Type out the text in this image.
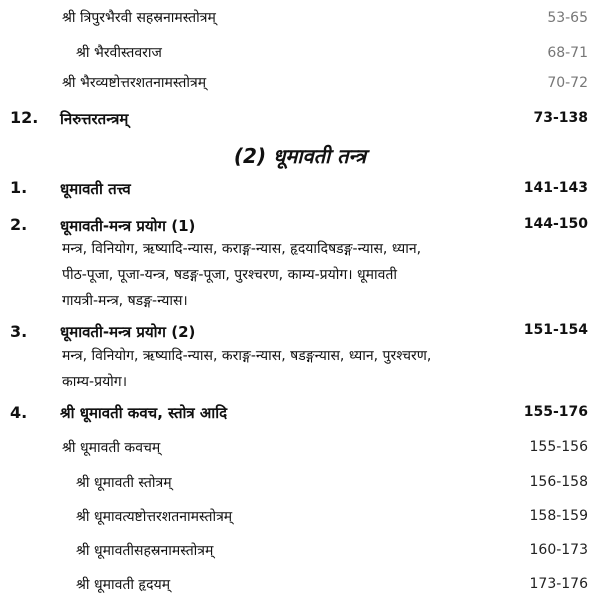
श्री त्रिपुरभैरवी सहस्रनामस्तोत्रम्	53-65
श्री भैरवीस्तवराज	68-71
श्री भैरव्यष्टोत्तरशतनामस्तोत्रम्	70-72
12. निरुत्तरतन्त्रम्	73-138
(2) धूमावती तन्त्र
1. धूमावती तत्त्व	141-143
2. धूमावती-मन्त्र प्रयोग (1)	144-150
मन्त्र, विनियोग, ऋष्यादि-न्यास, कराङ्ग-न्यास, हृदयादिषडङ्ग-न्यास, ध्यान,
पीठ-पूजा, पूजा-यन्त्र, षडङ्ग-पूजा, पुरश्चरण, काम्य-प्रयोग। धूमावती
गायत्री-मन्त्र, षडङ्ग-न्यास।
3. धूमावती-मन्त्र प्रयोग (2)	151-154
मन्त्र, विनियोग, ऋष्यादि-न्यास, कराङ्ग-न्यास, षडङ्गन्यास, ध्यान, पुरश्चरण,
काम्य-प्रयोग।
4. श्री धूमावती कवच, स्तोत्र आदि	155-176
श्री धूमावती कवचम्	155-156
श्री धूमावती स्तोत्रम्	156-158
श्री धूमावत्यष्टोत्तरशतनामस्तोत्रम्	158-159
श्री धूमावतीसहस्रनामस्तोत्रम्	160-173
श्री धूमावती हृदयम्	173-176
